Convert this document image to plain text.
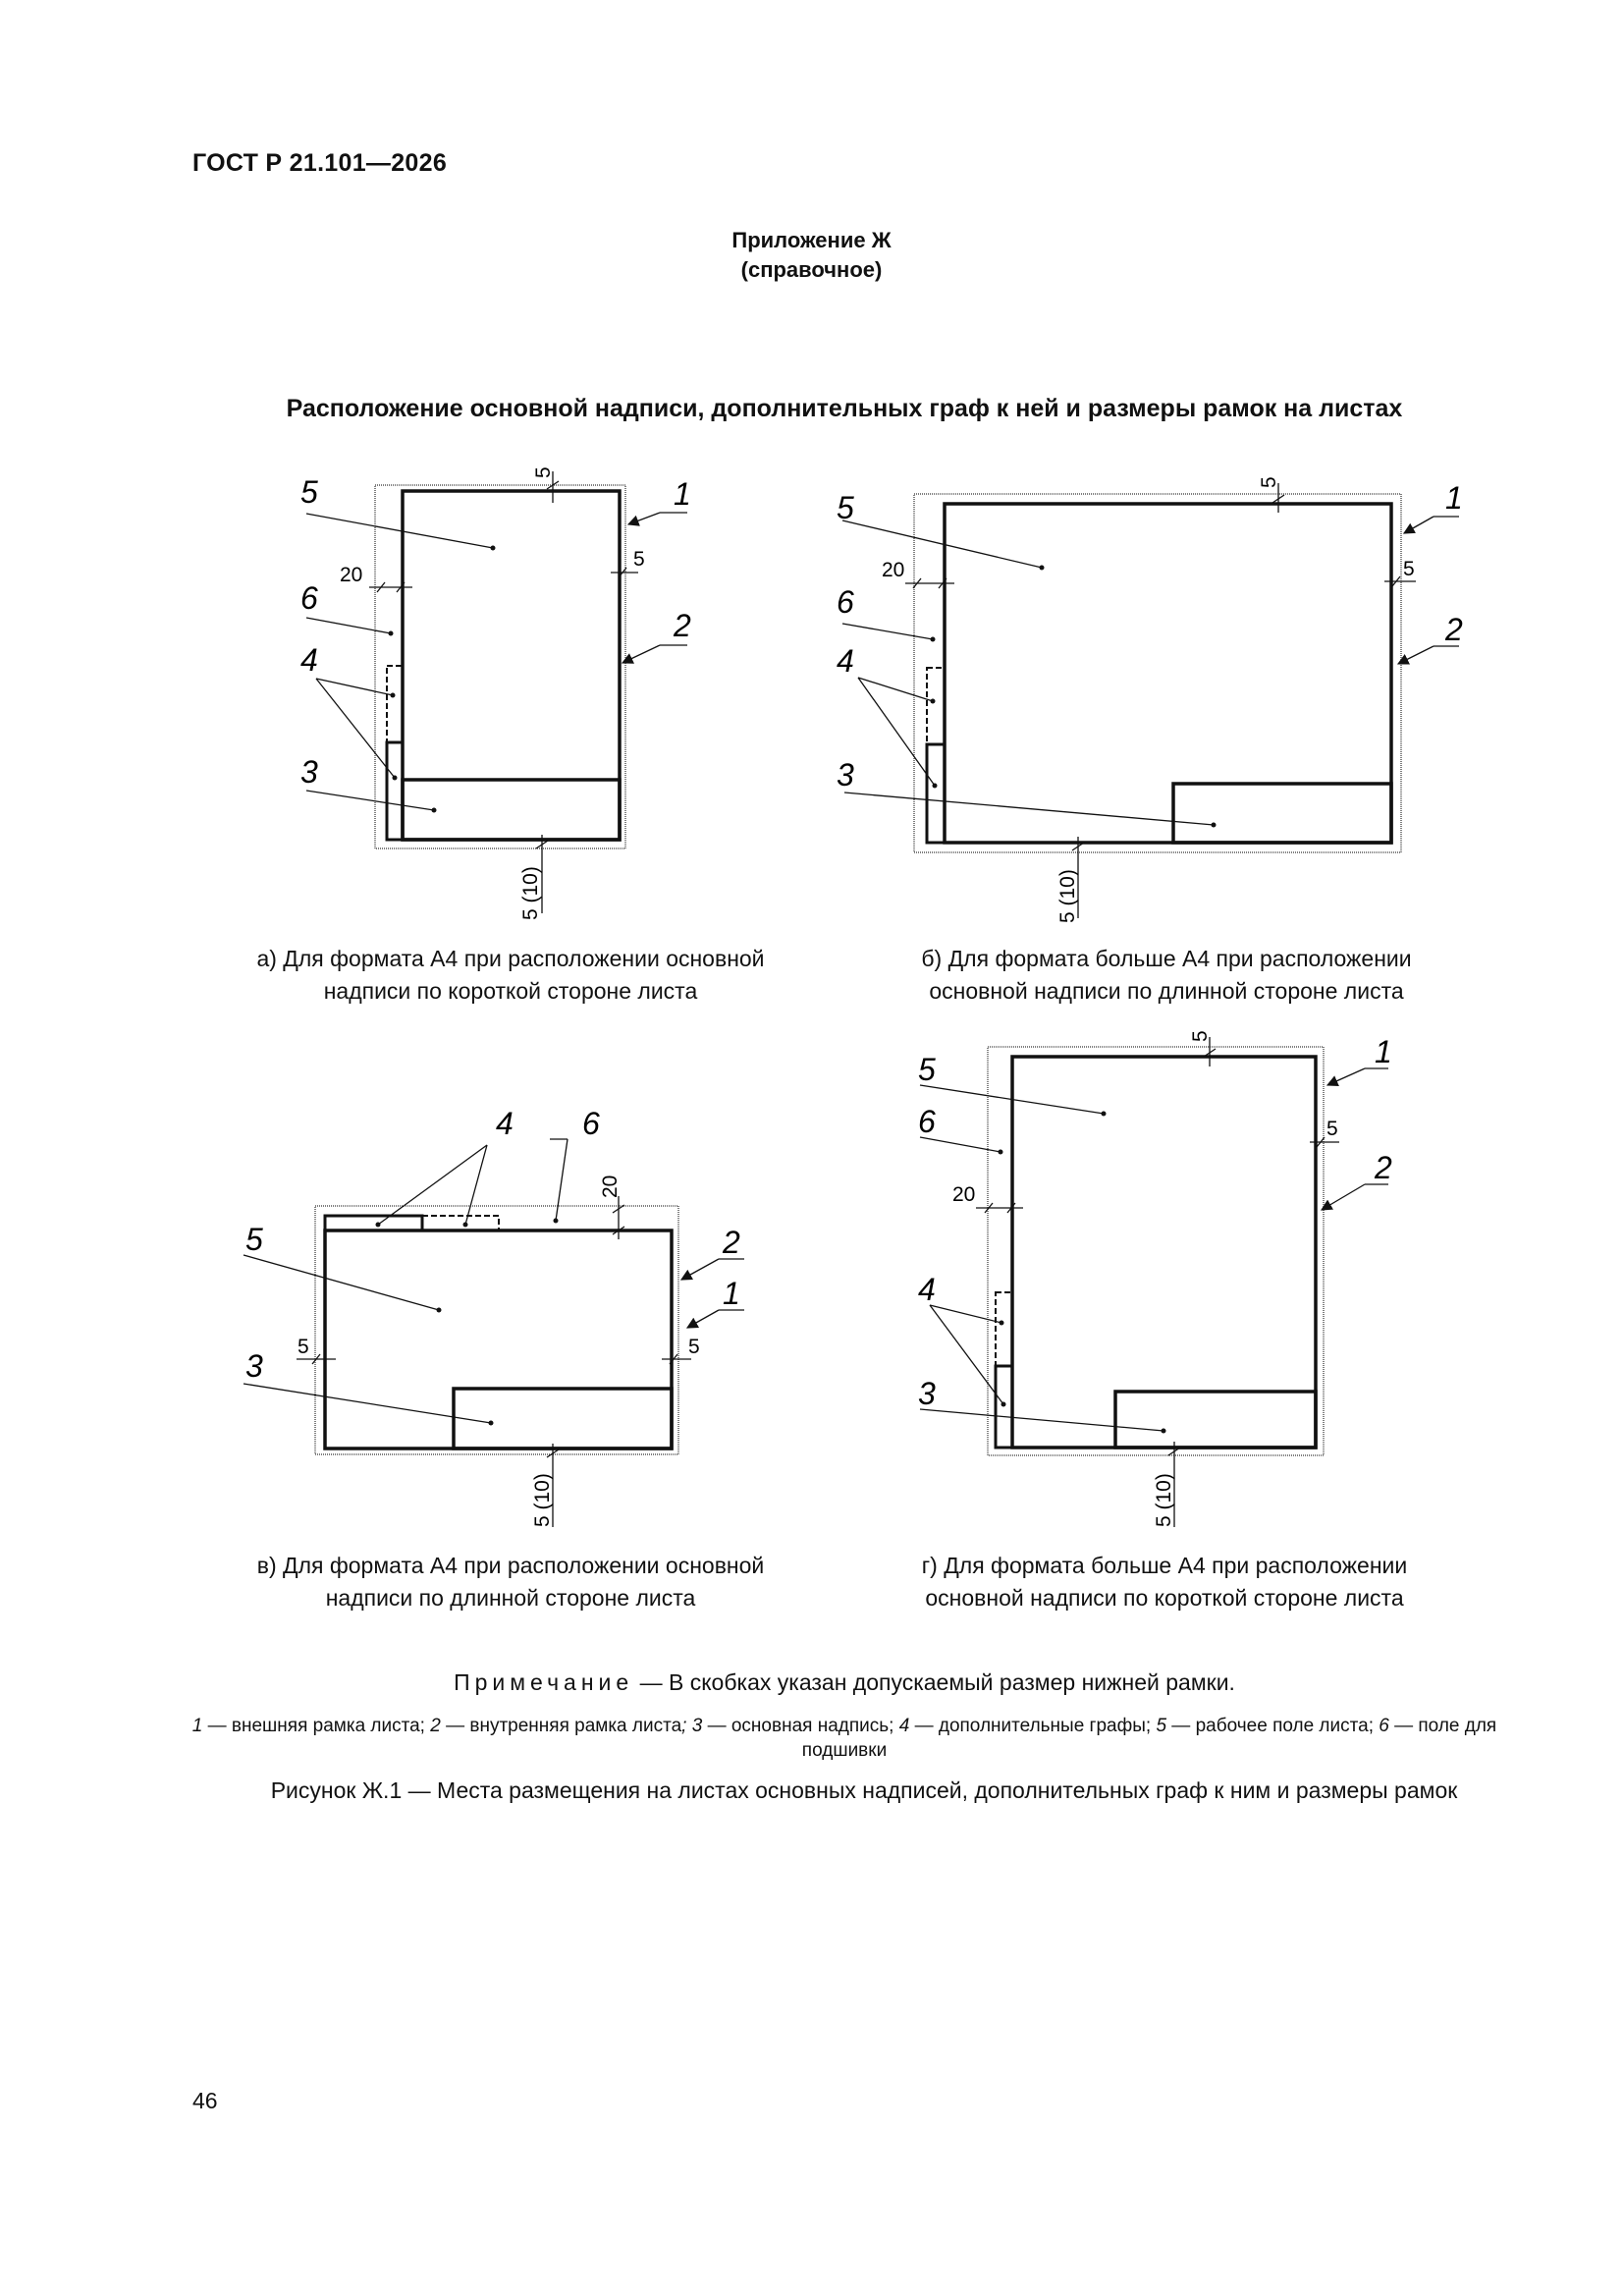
ГОСТ Р 21.101—2026
Приложение Ж
(справочное)
Расположение основной надписи, дополнительных граф к ней и размеры рамок на листах
5
6
4
3
1
2
5
5
20
5 (10)
5
6
4
3
1
2
5
5
20
5 (10)
5
3
4 6
2
1
20
5	5
5 (10)
5
6
4
3
1
2
5
5
20
5 (10)
а) Для формата А4 при расположении основной
надписи по короткой стороне листа
б) Для формата больше А4 при расположении
основной надписи по длинной стороне листа
в) Для формата А4 при расположении основной
надписи по длинной стороне листа
г) Для формата больше А4 при расположении
основной надписи по короткой стороне листа
Примечание — В скобках указан допускаемый размер нижней рамки.
1 — внешняя рамка листа; 2 — внутренняя рамка листа; 3 — основная надпись; 4 — дополнительные графы; 5 — рабочее поле листа; 6 — поле для подшивки
Рисунок Ж.1 — Места размещения на листах основных надписей, дополнительных граф к ним и размеры рамок
46
